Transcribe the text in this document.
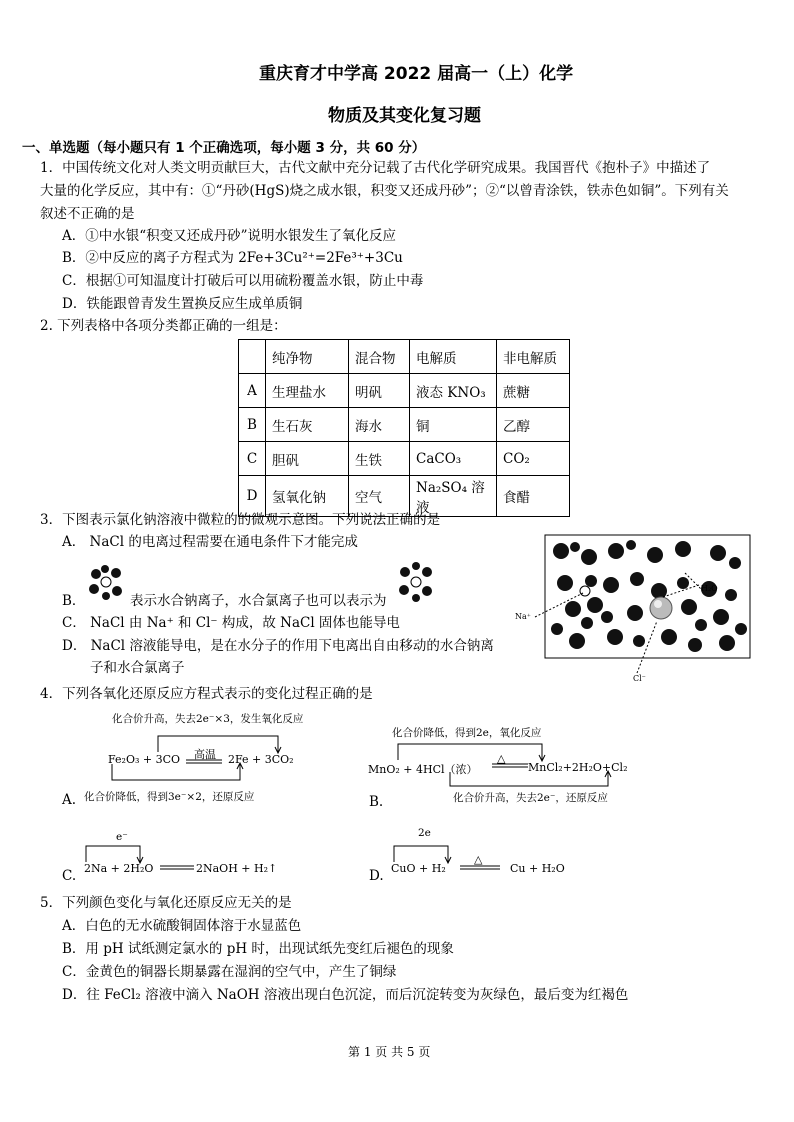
重庆育才中学高 2022 届高一（上）化学
物质及其变化复习题
一、单选题（每小题只有 1 个正确选项，每小题 3 分，共 60 分）
1．中国传统文化对人类文明贡献巨大，古代文献中充分记载了古代化学研究成果。我国晋代《抱朴子》中描述了
大量的化学反应，其中有：①“丹砂(HgS)烧之成水银，积变又还成丹砂”；②“以曾青涂铁，铁赤色如铜”。下列有关
叙述不正确的是
A．①中水银“积变又还成丹砂”说明水银发生了氧化反应
B．②中反应的离子方程式为 2Fe+3Cu²⁺=2Fe³⁺+3Cu
C．根据①可知温度计打破后可以用硫粉覆盖水银，防止中毒
D．铁能跟曾青发生置换反应生成单质铜
2. 下列表格中各项分类都正确的一组是：
	纯净物	混合物	电解质	非电解质
A	生理盐水	明矾	液态 KNO₃	蔗糖
B	生石灰	海水	铜	乙醇
C	胆矾	生铁	CaCO₃	CO₂
D	氢氧化钠	空气	Na₂SO₄ 溶液	食醋
3．下图表示氯化钠溶液中微粒的的微观示意图。下列说法正确的是
A． NaCl 的电离过程需要在通电条件下才能完成
B．	表示水合钠离子，水合氯离子也可以表示为
C． NaCl 由 Na⁺ 和 Cl⁻ 构成，故 NaCl 固体也能导电
D． NaCl 溶液能导电，是在水分子的作用下电离出自由移动的水合钠离
子和水合氯离子
H₂O
Na⁺
Cl⁻
4．下列各氧化还原反应方程式表示的变化过程正确的是
化合价升高，失去2e⁻×3，发生氧化反应
高温
Fe₂O₃ + 3CO	2Fe + 3CO₂
A. 化合价降低，得到3e⁻×2，还原反应
化合价降低，得到2e，氧化反应
△
MnO₂ + 4HCl（浓）	MnCl₂+2H₂O+Cl₂
B.	化合价升高，失去2e⁻，还原反应
e⁻
2Na + 2H₂O	2NaOH + H₂↑
C.
2e
△
CuO + H₂	Cu + H₂O
D.
5．下列颜色变化与氧化还原反应无关的是
A．白色的无水硫酸铜固体溶于水显蓝色
B．用 pH 试纸测定氯水的 pH 时，出现试纸先变红后褪色的现象
C．金黄色的铜器长期暴露在湿润的空气中，产生了铜绿
D．往 FeCl₂ 溶液中滴入 NaOH 溶液出现白色沉淀，而后沉淀转变为灰绿色，最后变为红褐色
第 1 页 共 5 页
